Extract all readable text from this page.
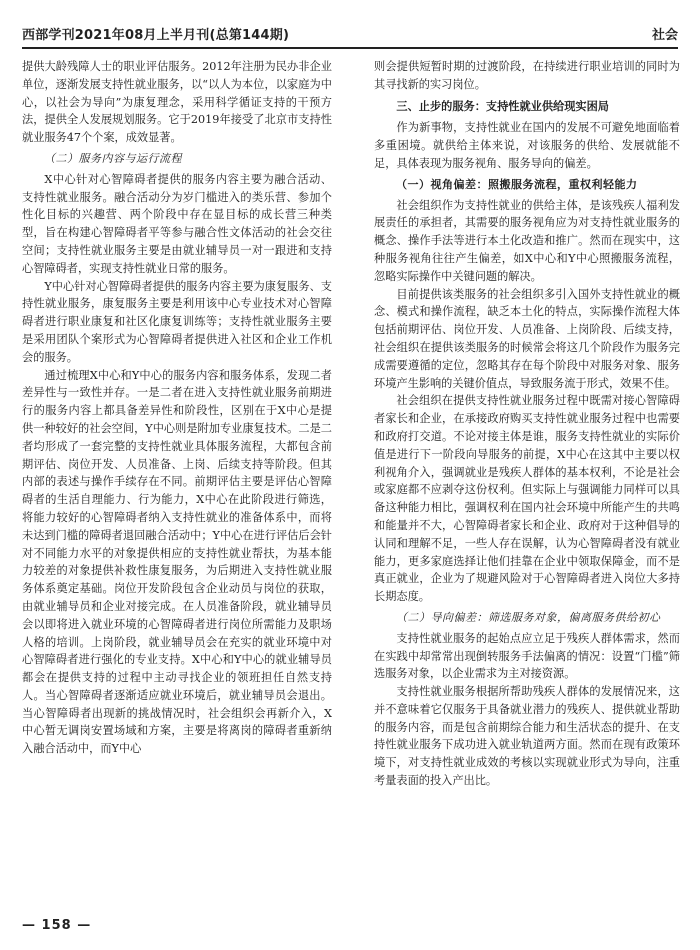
西部学刊2021年08月上半月刊(总第144期)	社会

提供大龄残障人士的职业评估服务。2012年注册为民办非企业单位，逐渐发展支持性就业服务，以“以人为本位，以家庭为中心，以社会为导向”为康复理念，采用科学循证支持的干预方法，提供全人发展规划服务。它于2019年接受了北京市支持性就业服务47个个案，成效显著。

（二）服务内容与运行流程

X中心针对心智障碍者提供的服务内容主要为融合活动、支持性就业服务。融合活动分为岁门槛进入的类乐营、参加个性化目标的兴趣营、两个阶段中存在显目标的成长营三种类型，旨在构建心智障碍者平等参与融合性文体活动的社会交往空间；支持性就业服务主要是由就业辅导员一对一跟进和支持心智障碍者，实现支持性就业日常的服务。

Y中心针对心智障碍者提供的服务内容主要为康复服务、支持性就业服务，康复服务主要是利用该中心专业技术对心智障碍者进行职业康复和社区化康复训练等；支持性就业服务主要是采用团队个案形式为心智障碍者提供进入社区和企业工作机会的服务。

通过梳理X中心和Y中心的服务内容和服务体系，发现二者差异性与一致性并存。一是二者在进入支持性就业服务前期进行的服务内容上都具备差异性和阶段性，区别在于X中心是提供一种较好的社会空间，Y中心则是附加专业康复技术。二是二者均形成了一套完整的支持性就业具体服务流程，大都包含前期评估、岗位开发、人员准备、上岗、后续支持等阶段。但其内部的表述与操作手续存在不同。前期评估主要是评估心智障碍者的生活自理能力、行为能力，X中心在此阶段进行筛选，将能力较好的心智障碍者纳入支持性就业的准备体系中，而将未达到门槛的障碍者退回融合活动中；Y中心在进行评估后会针对不同能力水平的对象提供相应的支持性就业帮扶，为基本能力较差的对象提供补救性康复服务，为后期进入支持性就业服务体系奠定基础。岗位开发阶段包含企业动员与岗位的获取，由就业辅导员和企业对接完成。在人员准备阶段，就业辅导员会以即将进入就业环境的心智障碍者进行岗位所需能力及职场人格的培训。上岗阶段，就业辅导员会在充实的就业环境中对心智障碍者进行强化的专业支持。X中心和Y中心的就业辅导员都会在提供支持的过程中主动寻找企业的领班担任自然支持人。当心智障碍者逐渐适应就业环境后，就业辅导员会退出。当心智障碍者出现新的挑战情况时，社会组织会再新介入，X中心暂无调岗安置场域和方案，主要是将离岗的障碍者重新纳入融合活动中，而Y中心

则会提供短暂时期的过渡阶段，在持续进行职业培训的同时为其寻找新的实习岗位。

三、止步的服务：支持性就业供给现实困局

作为新事物，支持性就业在国内的发展不可避免地面临着多重困境。就供给主体来说，对该服务的供给、发展就能不足，具体表现为服务视角、服务导向的偏差。

（一）视角偏差：照搬服务流程，重权利轻能力

社会组织作为支持性就业的供给主体，是该残疾人福利发展责任的承担者，其需要的服务视角应为对支持性就业服务的概念、操作手法等进行本土化改造和推广。然而在现实中，这种服务视角往往产生偏差，如X中心和Y中心照搬服务流程，忽略实际操作中关键问题的解决。

目前提供该类服务的社会组织多引入国外支持性就业的概念、模式和操作流程，缺乏本土化的特点，实际操作流程大体包括前期评估、岗位开发、人员准备、上岗阶段、后续支持，社会组织在提供该类服务的时候常会将这几个阶段作为服务完成需要遵循的定位，忽略其存在每个阶段中对服务对象、服务环境产生影响的关键价值点，导致服务流于形式，效果不佳。

社会组织在提供支持性就业服务过程中既需对接心智障碍者家长和企业，在承接政府购买支持性就业服务过程中也需要和政府打交道。不论对接主体是谁，服务支持性就业的实际价值是进行下一阶段向导服务的前提，X中心在这其中主要以权利视角介入，强调就业是残疾人群体的基本权利，不论是社会或家庭都不应剥夺这份权利。但实际上与强调能力同样可以具备这种能力相比，强调权利在国内社会环境中所能产生的共鸣和能量并不大，心智障碍者家长和企业、政府对于这种倡导的认同和理解不足，一些人存在误解，认为心智障碍者没有就业能力，更多家庭选择让他们挂靠在企业中领取保障金，而不是真正就业，企业为了规避风险对于心智障碍者进入岗位大多持长期态度。

（二）导向偏差：筛选服务对象，偏离服务供给初心

支持性就业服务的起始点应立足于残疾人群体需求，然而在实践中却常常出现倒转服务手法偏离的情况：设置“门槛”筛选服务对象，以企业需求为主对接资源。

支持性就业服务根据所帮助残疾人群体的发展情况来，这并不意味着它仅服务于具备就业潜力的残疾人、提供就业帮助的服务内容，而是包含前期综合能力和生活状态的提升、在支持性就业服务下成功进入就业轨道两方面。然而在现有政策环境下，对支持性就业成效的考核以实现就业形式为导向，注重考量表面的投入产出比。

— 158 —
